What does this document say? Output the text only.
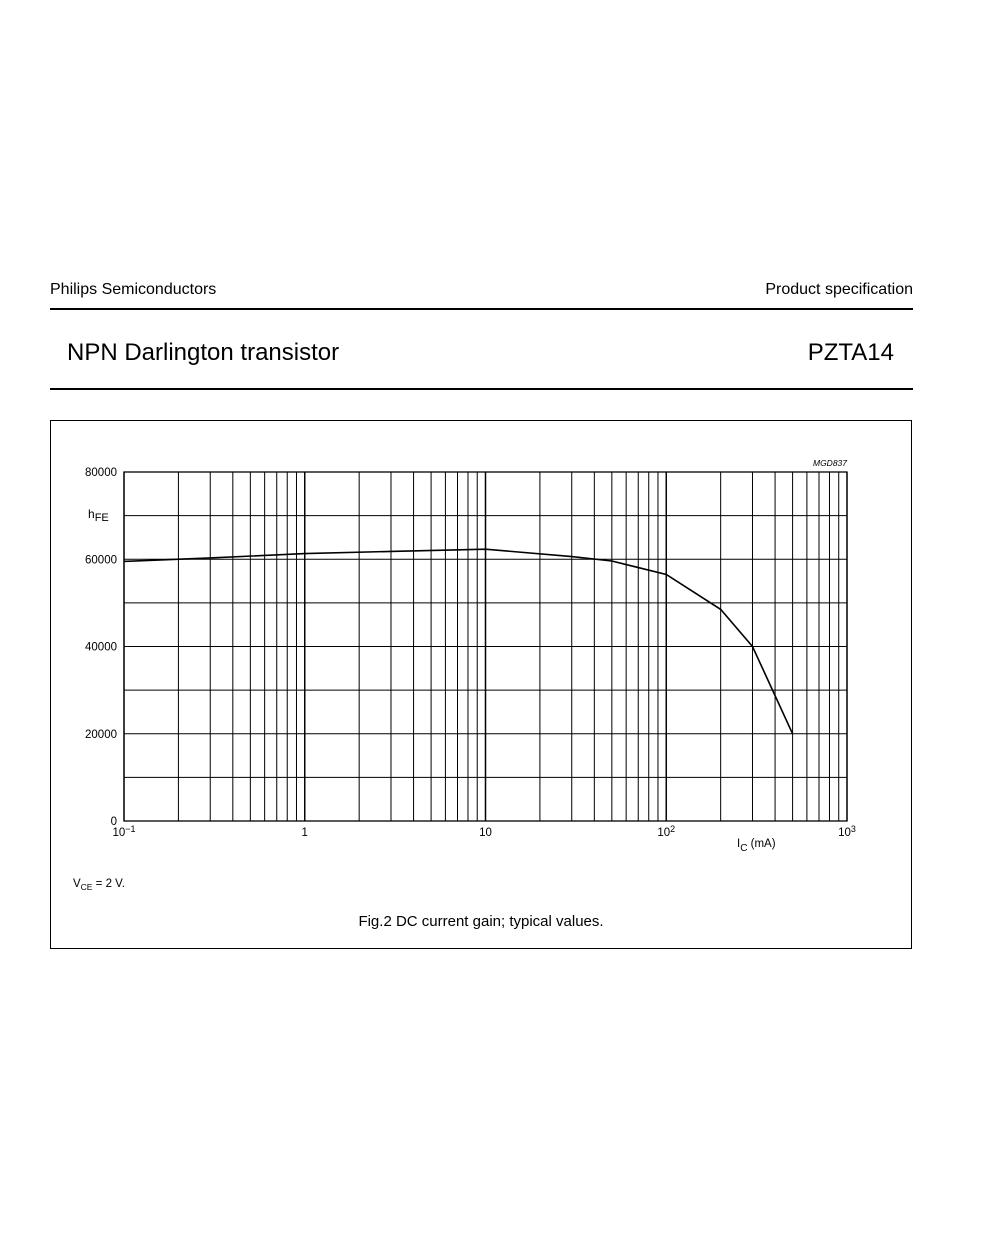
Philips Semiconductors	Product specification
NPN Darlington transistor	PZTA14
0
20000
40000
60000
80000
$10^{-1}$	1	10	$10^2$	$10^3$
MGD837
hFE
IC (mA)
$V_{CE} = 2$ V.
Fig.2 DC current gain; typical values.
